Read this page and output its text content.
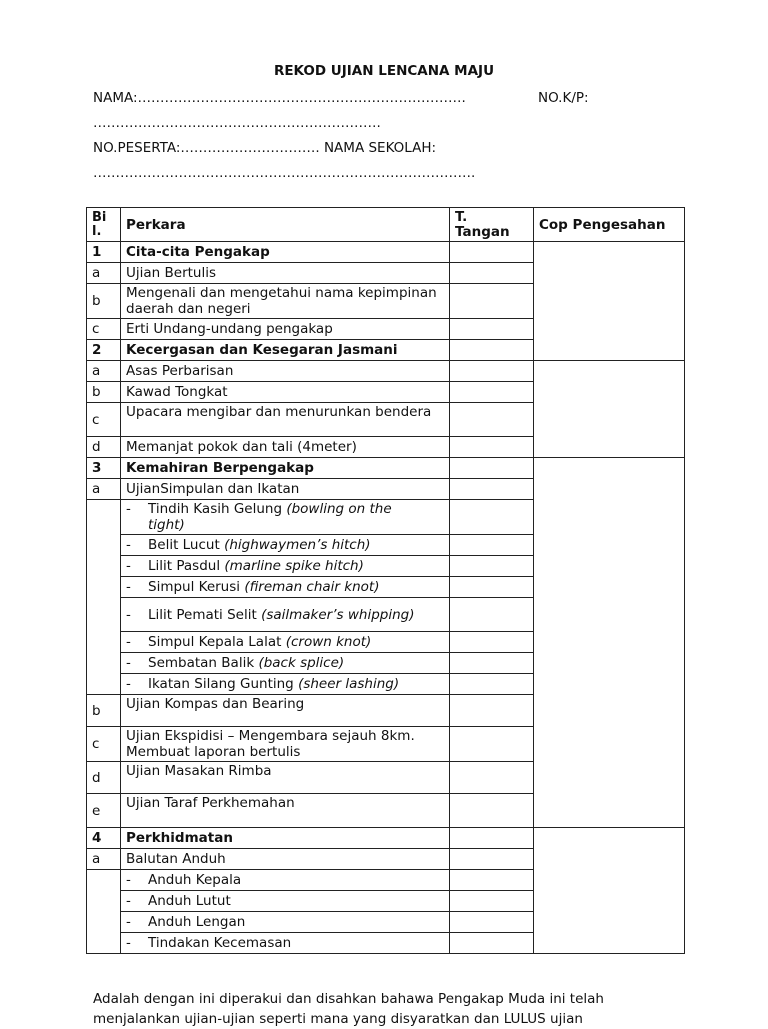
REKOD UJIAN LENCANA MAJU
NAMA:……………………………………………………………….	NO.K/P:
……………………………………………………….
NO.PESERTA:…………………………. NAMA SEKOLAH:
………………………………………………………………………….
Bil.	Perkara	T. Tangan	Cop Pengesahan	
1	Cita-cita Pengakap			
a	Ujian Bertulis			
b	Mengenali dan mengetahui nama kepimpinan daerah dan negeri			
c	Erti Undang-undang pengakap			
2	Kecergasan dan Kesegaran Jasmani			
a	Asas Perbarisan			
b	Kawad Tongkat			
c	Upacara mengibar dan menurunkan bendera			
d	Memanjat pokok dan tali (4meter)			
3	Kemahiran Berpengakap			
a	UjianSimpulan dan Ikatan			
	- Tindih Kasih Gelung (bowling on the tight)			
	- Belit Lucut (highwaymen’s hitch)			
	- Lilit Pasdul (marline spike hitch)			
	- Simpul Kerusi (fireman chair knot)			
	- Lilit Pemati Selit (sailmaker’s whipping)			
	- Simpul Kepala Lalat (crown knot)			
	- Sembatan Balik (back splice)			
	- Ikatan Silang Gunting (sheer lashing)			
b	Ujian Kompas dan Bearing			
c	Ujian Ekspidisi – Mengembara sejauh 8km. Membuat laporan bertulis			
d	Ujian Masakan Rimba			
e	Ujian Taraf Perkhemahan			
4	Perkhidmatan			
a	Balutan Anduh			
	- Anduh Kepala			
	- Anduh Lutut			
	- Anduh Lengan			
	- Tindakan Kecemasan			
Adalah dengan ini diperakui dan disahkan bahawa Pengakap Muda ini telah menjalankan ujian-ujian seperti mana yang disyaratkan dan LULUS ujian
